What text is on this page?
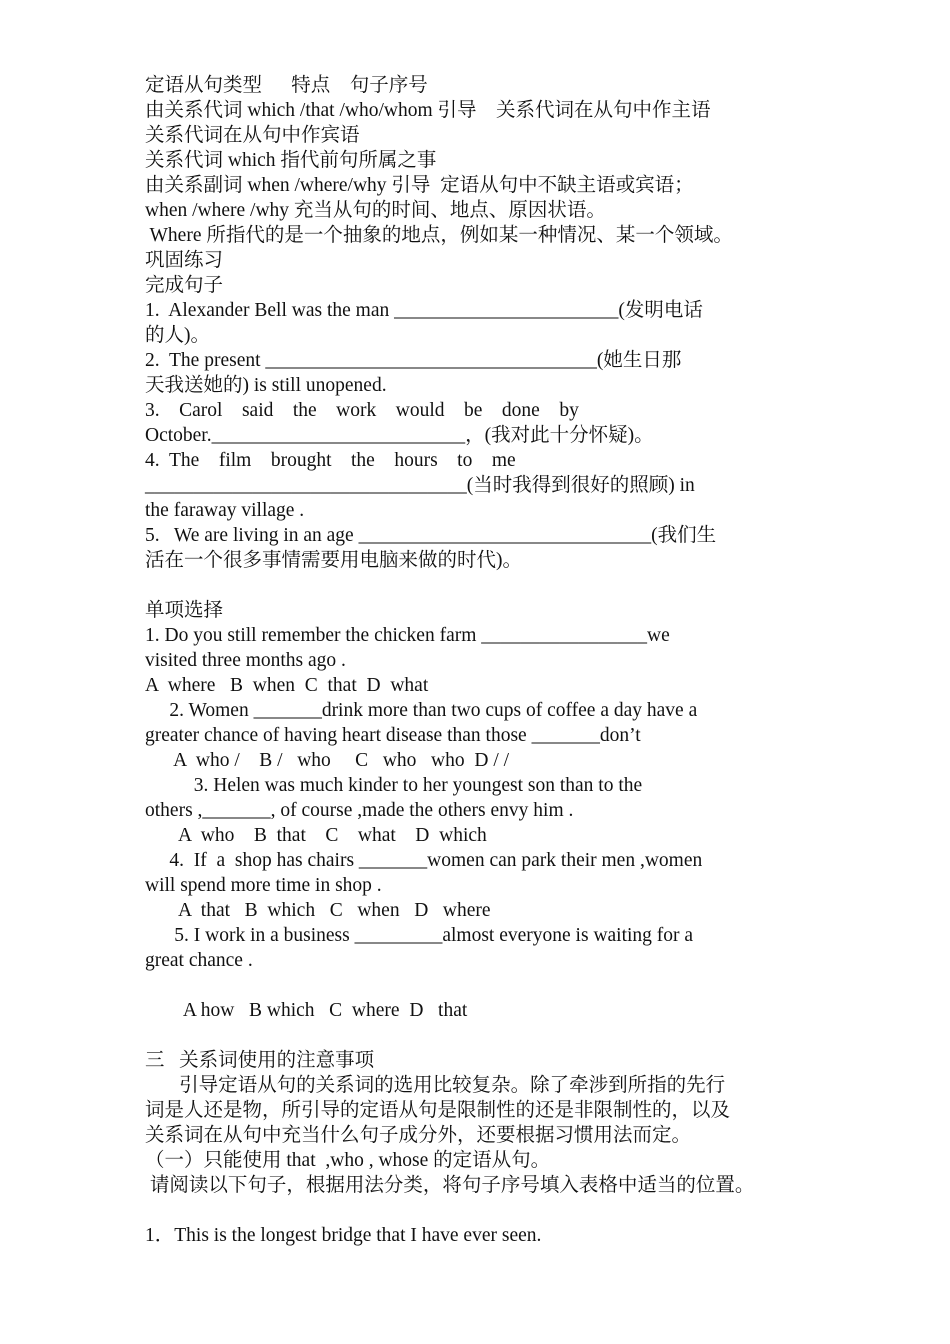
定语从句类型 特点 句子序号
由关系代词 which /that /who/whom 引导    关系代词在从句中作主语
关系代词在从句中作宾语
关系代词 which 指代前句所属之事
由关系副词 when /where/why 引导  定语从句中不缺主语或宾语；
when /where /why 充当从句的时间、地点、原因状语。
Where 所指代的是一个抽象的地点，例如某一种情况、某一个领域。
巩固练习
完成句子
1.  Alexander Bell was the man _______________________(发明电话
的人)。
2.  The present __________________________________(她生日那
天我送她的) is still unopened.
3.    Carol    said    the    work    would    be    done    by
October.__________________________，(我对此十分怀疑)。
4.  The    film    brought    the    hours    to    me
_________________________________(当时我得到很好的照顾) in
the faraway village .
5.   We are living in an age ______________________________(我们生
活在一个很多事情需要用电脑来做的时代)。
单项选择
1. Do you still remember the chicken farm _________________we
visited three months ago .
A  where   B  when  C  that  D  what
2. Women _______drink more than two cups of coffee a day have a
greater chance of having heart disease than those _______don’t
A  who /    B /   who     C   who   who  D / /
3. Helen was much kinder to her youngest son than to the
others ,_______, of course ,made the others envy him .
A  who    B  that    C    what    D  which
4.  If  a  shop has chairs _______women can park their men ,women
will spend more time in shop .
A  that   B  which   C   when   D   where
5. I work in a business _________almost everyone is waiting for a
great chance .
A how   B which   C  where  D   that
三   关系词使用的注意事项
引导定语从句的关系词的选用比较复杂。除了牵涉到所指的先行
词是人还是物，所引导的定语从句是限制性的还是非限制性的，以及
关系词在从句中充当什么句子成分外，还要根据习惯用法而定。
（一）只能使用 that  ,who , whose 的定语从句。
请阅读以下句子，根据用法分类，将句子序号填入表格中适当的位置。
1．This is the longest bridge that I have ever seen.
